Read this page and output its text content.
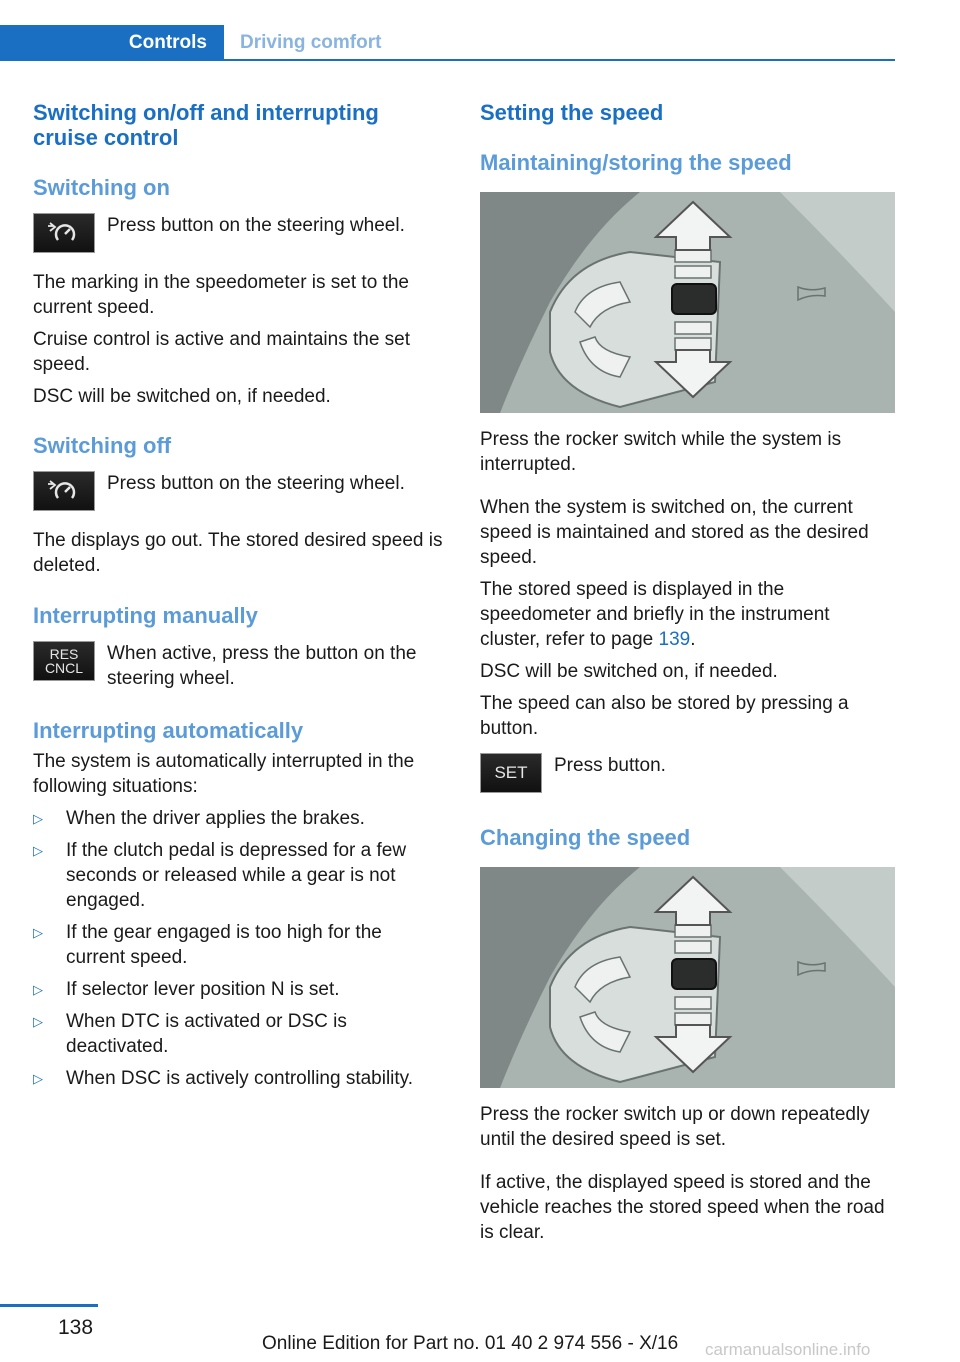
Controls Driving comfort
Switching on/off and interrupting cruise control
Switching on
Press button on the steering wheel.

The marking in the speedometer is set to the current speed.

Cruise control is active and maintains the set speed.

DSC will be switched on, if needed.

Switching off
Press button on the steering wheel.

The displays go out. The stored desired speed is deleted.

Interrupting manually
RES
CNCL
When active, press the button on the steering wheel.
Interrupting automatically

The system is automatically interrupted in the following situations:

▷ When the driver applies the brakes.
▷ If the clutch pedal is depressed for a few seconds or released while a gear is not engaged.
▷ If the gear engaged is too high for the current speed.
▷ If selector lever position N is set.
▷ When DTC is activated or DSC is deactivated.
▷ When DSC is actively controlling stability.
Setting the speed
Maintaining/storing the speed

Press the rocker switch while the system is interrupted.

When the system is switched on, the current speed is maintained and stored as the desired speed.

The stored speed is displayed in the speedometer and briefly in the instrument cluster, refer to page 139.

DSC will be switched on, if needed.

The speed can also be stored by pressing a button.

SET Press button.
Changing the speed

Press the rocker switch up or down repeatedly until the desired speed is set.

If active, the displayed speed is stored and the vehicle reaches the stored speed when the road is clear.

138
Online Edition for Part no. 01 40 2 974 556 - X/16 carmanualsonline.info
